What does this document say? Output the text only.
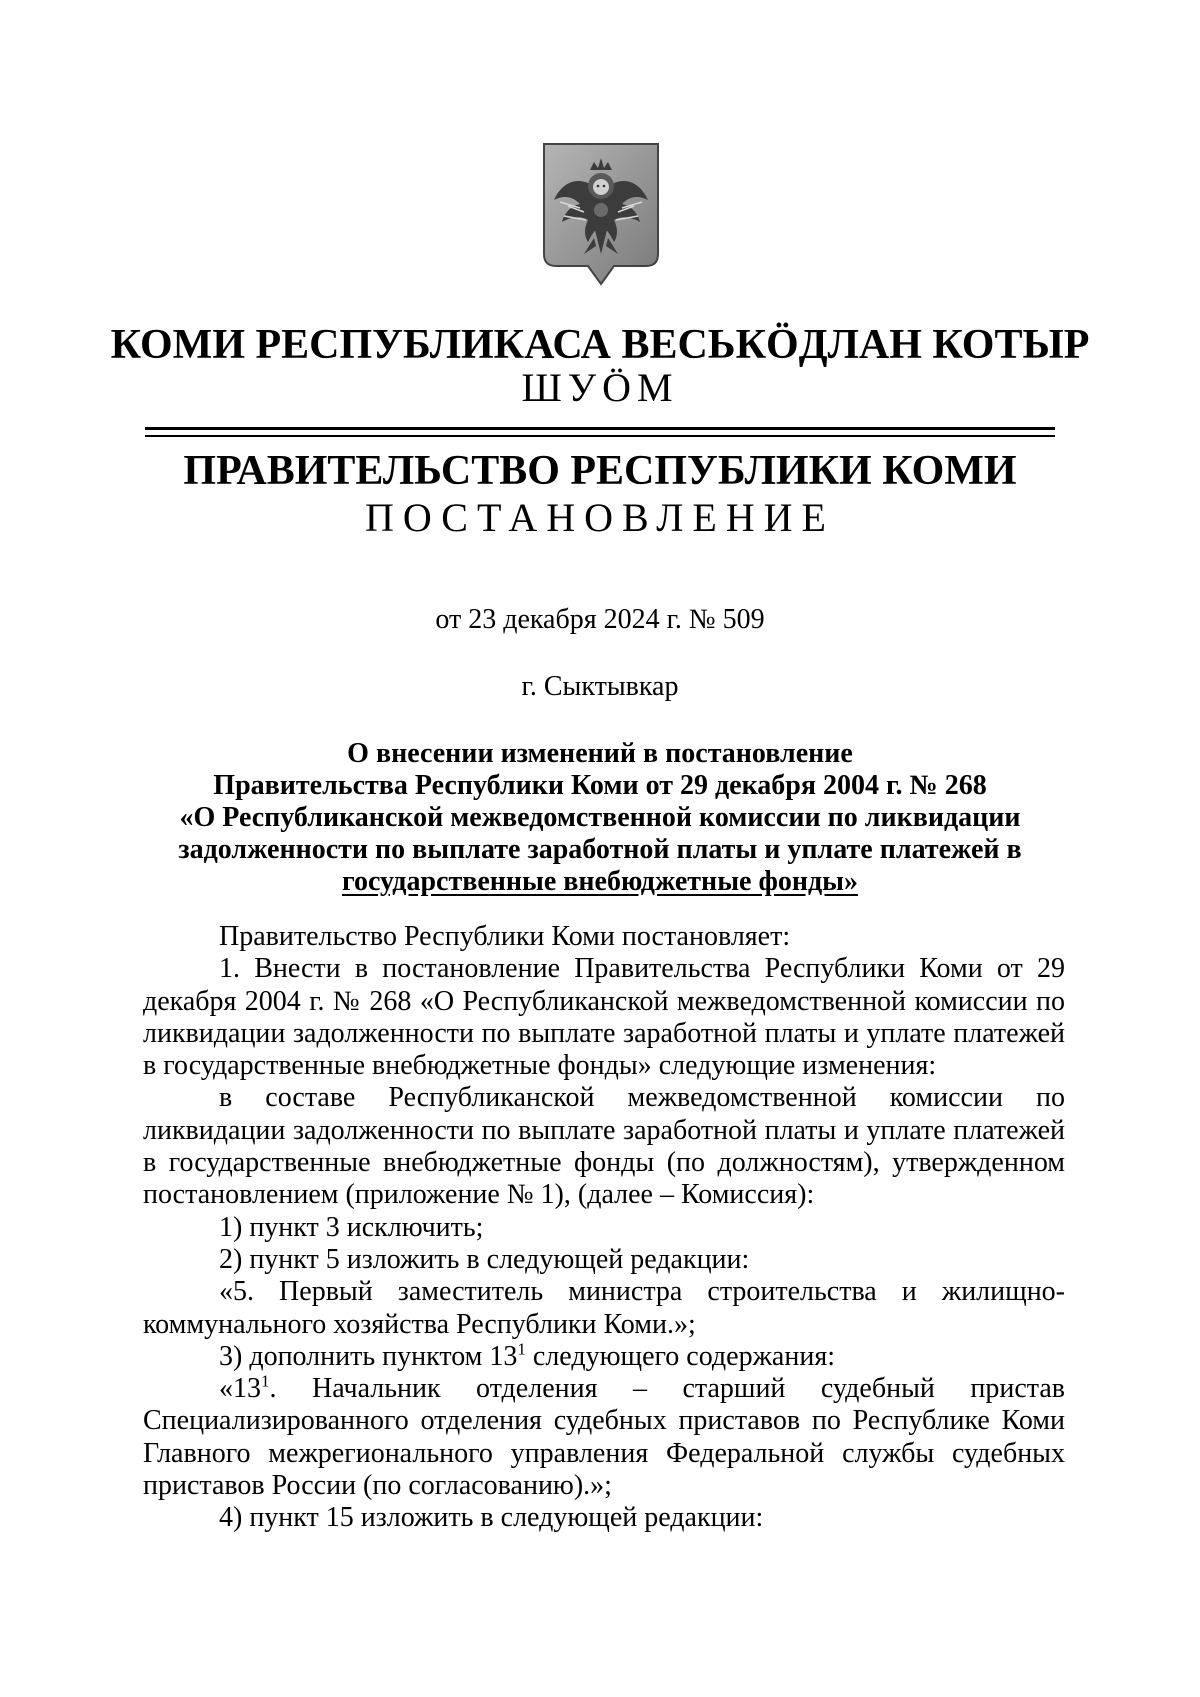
КОМИ РЕСПУБЛИКАСА ВЕСЬКӦДЛАН КОТЫР
ШУӦМ
ПРАВИТЕЛЬСТВО РЕСПУБЛИКИ КОМИ
ПОСТАНОВЛЕНИЕ
от 23 декабря 2024 г. № 509
г. Сыктывкар
О внесении изменений в постановление
Правительства Республики Коми от 29 декабря 2004 г. № 268
«О Республиканской межведомственной комиссии по ликвидации
задолженности по выплате заработной платы и уплате платежей в
государственные внебюджетные фонды»

Правительство Республики Коми постановляет:

1. Внести в постановление Правительства Республики Коми от 29 декабря 2004 г. № 268 «О Республиканской межведомственной комиссии по ликвидации задолженности по выплате заработной платы и уплате платежей в государственные внебюджетные фонды» следующие изменения:

в составе Республиканской межведомственной комиссии по ликвидации задолженности по выплате заработной платы и уплате платежей в государственные внебюджетные фонды (по должностям), утвержденном постановлением (приложение № 1), (далее – Комиссия):

1) пункт 3 исключить;

2) пункт 5 изложить в следующей редакции:

«5. Первый заместитель министра строительства и жилищно-коммунального хозяйства Республики Коми.»;

3) дополнить пунктом $13^1$ следующего содержания:

«$13^1$. Начальник отделения – старший судебный пристав Специализированного отделения судебных приставов по Республике Коми Главного межрегионального управления Федеральной службы судебных приставов России (по согласованию).»;

4) пункт 15 изложить в следующей редакции:
